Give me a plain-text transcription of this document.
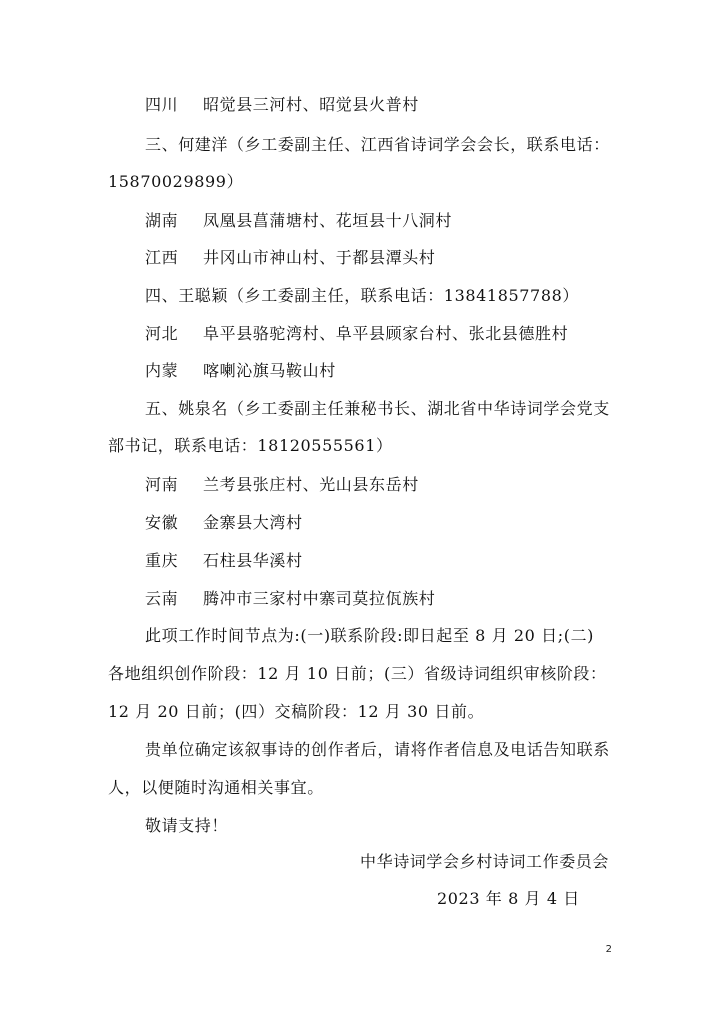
四川 昭觉县三河村、昭觉县火普村
三、何建洋（乡工委副主任、江西省诗词学会会长，联系电话：
15870029899）
湖南 凤凰县菖蒲塘村、花垣县十八洞村
江西 井冈山市神山村、于都县潭头村
四、王聪颖（乡工委副主任，联系电话：13841857788）
河北 阜平县骆驼湾村、阜平县顾家台村、张北县德胜村
内蒙 喀喇沁旗马鞍山村
五、姚泉名（乡工委副主任兼秘书长、湖北省中华诗词学会党支
部书记，联系电话：18120555561）
河南 兰考县张庄村、光山县东岳村
安徽 金寨县大湾村
重庆 石柱县华溪村
云南 腾冲市三家村中寨司莫拉佤族村
此项工作时间节点为:(一)联系阶段:即日起至 8 月 20 日;(二)
各地组织创作阶段：12 月 10 日前；(三）省级诗词组织审核阶段：
12 月 20 日前；(四）交稿阶段：12 月 30 日前。
贵单位确定该叙事诗的创作者后，请将作者信息及电话告知联系
人，以便随时沟通相关事宜。
敬请支持！
中华诗词学会乡村诗词工作委员会
2023 年 8 月 4 日
2
